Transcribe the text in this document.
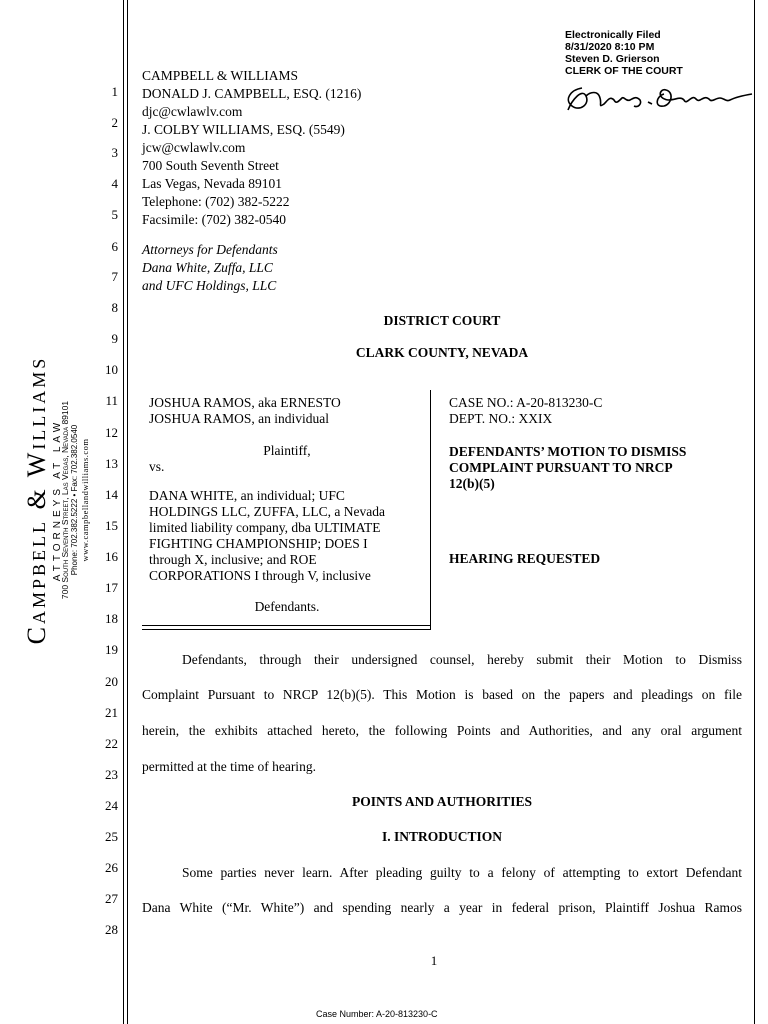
Campbell & Williams ATTORNEYS AT LAW
700 South Seventh Street, Las Vegas, Nevada 89101 Phone: 702.382.5222 • Fax: 702.382.0540 www.campbellandwilliams.com
Electronically Filed
8/31/2020 8:10 PM
Steven D. Grierson
CLERK OF THE COURT
1
2
3
4
5
6
7
8
9
10
11
12
13
14
15
16
17
18
19
20
21
22
23
24
25
26
27
28
CAMPBELL & WILLIAMS
DONALD J. CAMPBELL, ESQ. (1216)
djc@cwlawlv.com
J. COLBY WILLIAMS, ESQ. (5549)
jcw@cwlawlv.com
700 South Seventh Street
Las Vegas, Nevada 89101
Telephone: (702) 382-5222
Facsimile: (702) 382-0540
Attorneys for Defendants
Dana White, Zuffa, LLC
and UFC Holdings, LLC
DISTRICT COURT
CLARK COUNTY, NEVADA
JOSHUA RAMOS, aka ERNESTO
JOSHUA RAMOS, an individual
Plaintiff,
vs.
DANA WHITE, an individual; UFC
HOLDINGS LLC, ZUFFA, LLC, a Nevada
limited liability company, dba ULTIMATE
FIGHTING CHAMPIONSHIP; DOES I
through X, inclusive; and ROE
CORPORATIONS I through V, inclusive
Defendants.
CASE NO.: A-20-813230-C
DEPT. NO.: XXIX
DEFENDANTS’ MOTION TO DISMISS
COMPLAINT PURSUANT TO NRCP
12(b)(5)
HEARING REQUESTED
Defendants, through their undersigned counsel, hereby submit their Motion to Dismiss
Complaint Pursuant to NRCP 12(b)(5). This Motion is based on the papers and pleadings on file
herein, the exhibits attached hereto, the following Points and Authorities, and any oral argument
permitted at the time of hearing.
POINTS AND AUTHORITIES
I. INTRODUCTION
Some parties never learn. After pleading guilty to a felony of attempting to extort Defendant
Dana White (“Mr. White”) and spending nearly a year in federal prison, Plaintiff Joshua Ramos
1
Case Number: A-20-813230-C
